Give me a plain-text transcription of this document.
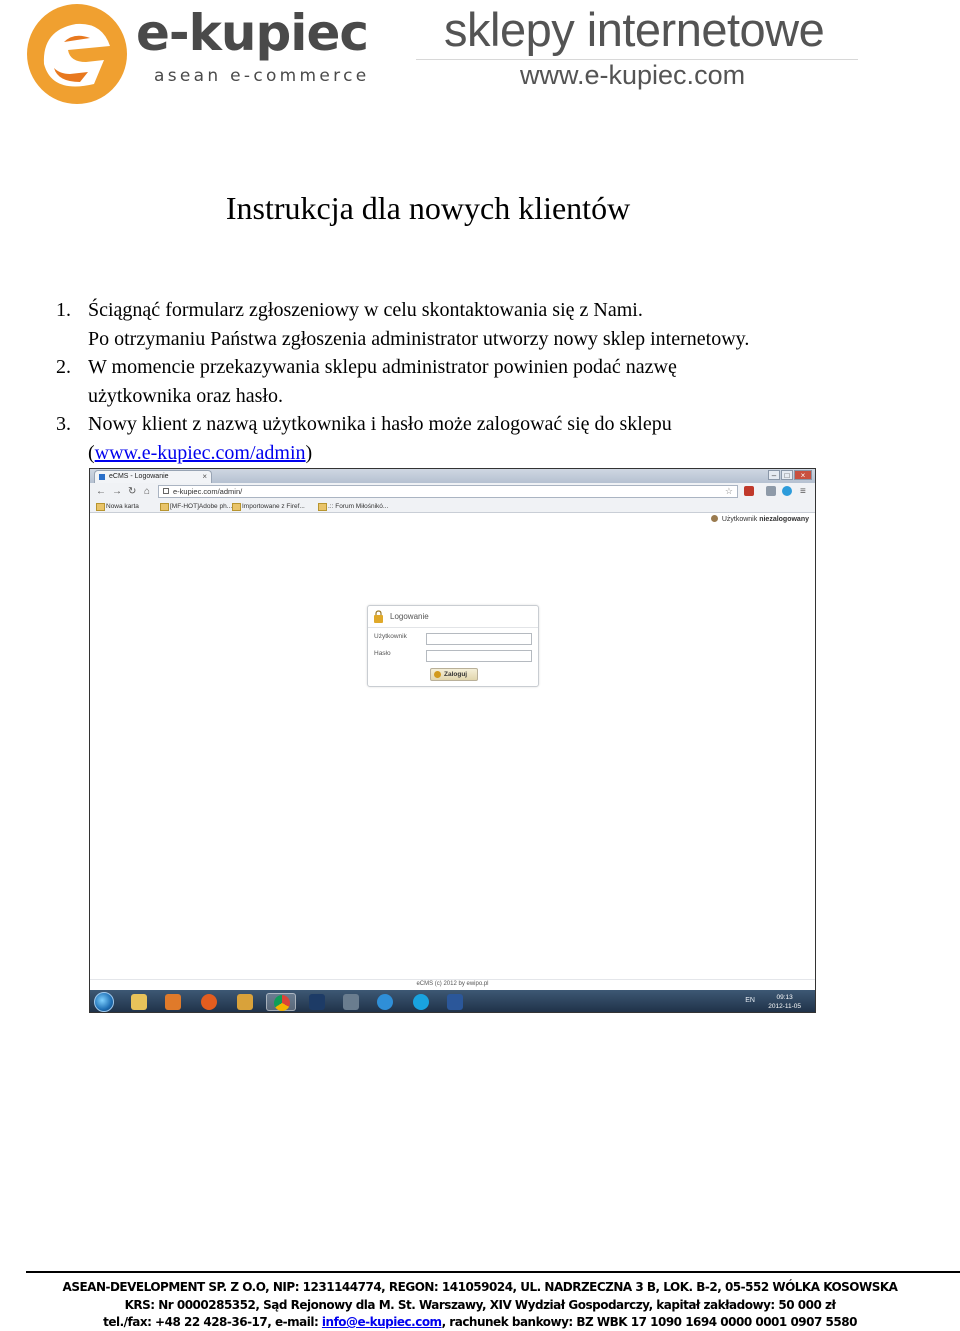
e-kupiec
asean e-commerce
sklepy internetowe
www.e-kupiec.com
Instrukcja dla nowych klientów
1. Ściągnąć formularz zgłoszeniowy w celu skontaktowania się z Nami.
Po otrzymaniu Państwa zgłoszenia administrator utworzy nowy sklep internetowy.
2. W momencie przekazywania sklepu administrator powinien podać nazwę
użytkownika oraz hasło.
3. Nowy klient z nazwą użytkownika i hasło może zalogować się do sklepu
(www.e-kupiec.com/admin)
eCMS - Logowanie	×	–	□	×
← → ↻ ⌂	e-kupiec.com/admin/	☆	≡
Nowa karta	[MF-HOT]Adobe ph...	Importowane z Firef...	.:: Forum Miłośnikó...
Użytkownik niezalogowany
Logowanie
Użytkownik
Hasło
Zaloguj
eCMS (c) 2012 by ewipo.pl
EN	09:13
2012-11-05
ASEAN-DEVELOPMENT SP. Z O.O, NIP: 1231144774, REGON: 141059024, UL. NADRZECZNA 3 B, LOK. B-2, 05-552 WÓLKA KOSOWSKA
KRS: Nr 0000285352, Sąd Rejonowy dla M. St. Warszawy, XIV Wydział Gospodarczy, kapitał zakładowy: 50 000 zł
tel./fax: +48 22 428-36-17, e-mail: info@e-kupiec.com, rachunek bankowy: BZ WBK 17 1090 1694 0000 0001 0907 5580
